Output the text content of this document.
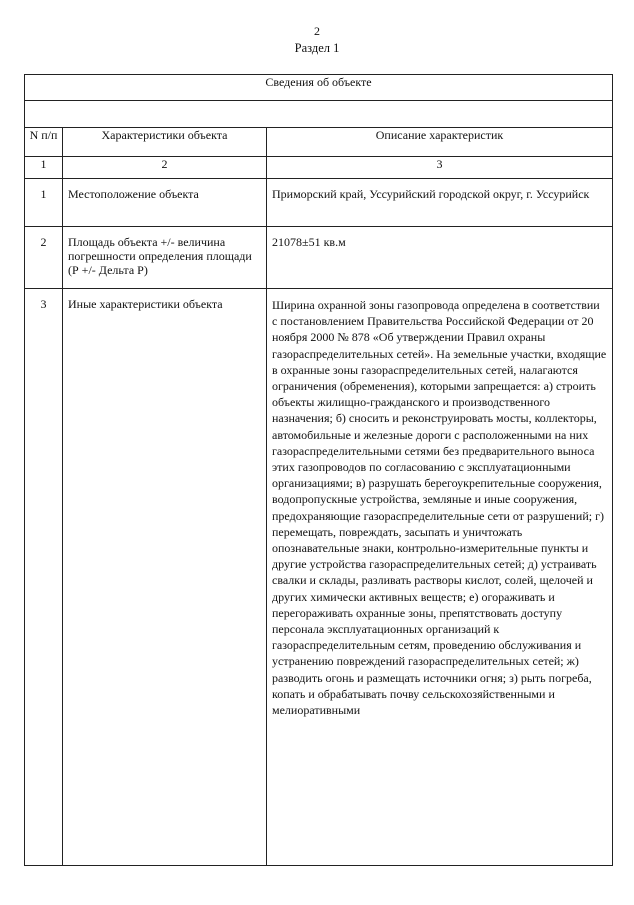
2
Раздел 1
Сведения об объекте		

N п/п	Характеристики объекта	Описание характеристик
1	2	3
1	Местоположение объекта	Приморский край, Уссурийский городской округ, г. Уссурийск
2	Площадь объекта +/- величина погрешности определения площади (Р +/- Дельта Р)	21078±51 кв.м
3	Иные характеристики объекта	Ширина охранной зоны газопровода определена в соответствии с постановлением Правительства Российской Федерации от 20 ноября 2000 № 878 «Об утверждении Правил охраны газораспределительных сетей». На земельные участки, входящие в охранные зоны газораспределительных сетей, налагаются ограничения (обременения), которыми запрещается: а) строить объекты жилищно-гражданского и производственного назначения; б) сносить и реконструировать мосты, коллекторы, автомобильные и железные дороги с расположенными на них газораспределительными сетями без предварительного выноса этих газопроводов по согласованию с эксплуатационными организациями; в) разрушать берегоукрепительные сооружения, водопропускные устройства, земляные и иные сооружения, предохраняющие газораспределительные сети от разрушений; г) перемещать, повреждать, засыпать и уничтожать опознавательные знаки, контрольно-измерительные пункты и другие устройства газораспределительных сетей; д) устраивать свалки и склады, разливать растворы кислот, солей, щелочей и других химически активных веществ; е) огораживать и перегораживать охранные зоны, препятствовать доступу персонала эксплуатационных организаций к газораспределительным сетям, проведению обслуживания и устранению повреждений газораспределительных сетей; ж) разводить огонь и размещать источники огня; з) рыть погреба, копать и обрабатывать почву сельскохозяйственными и мелиоративными
